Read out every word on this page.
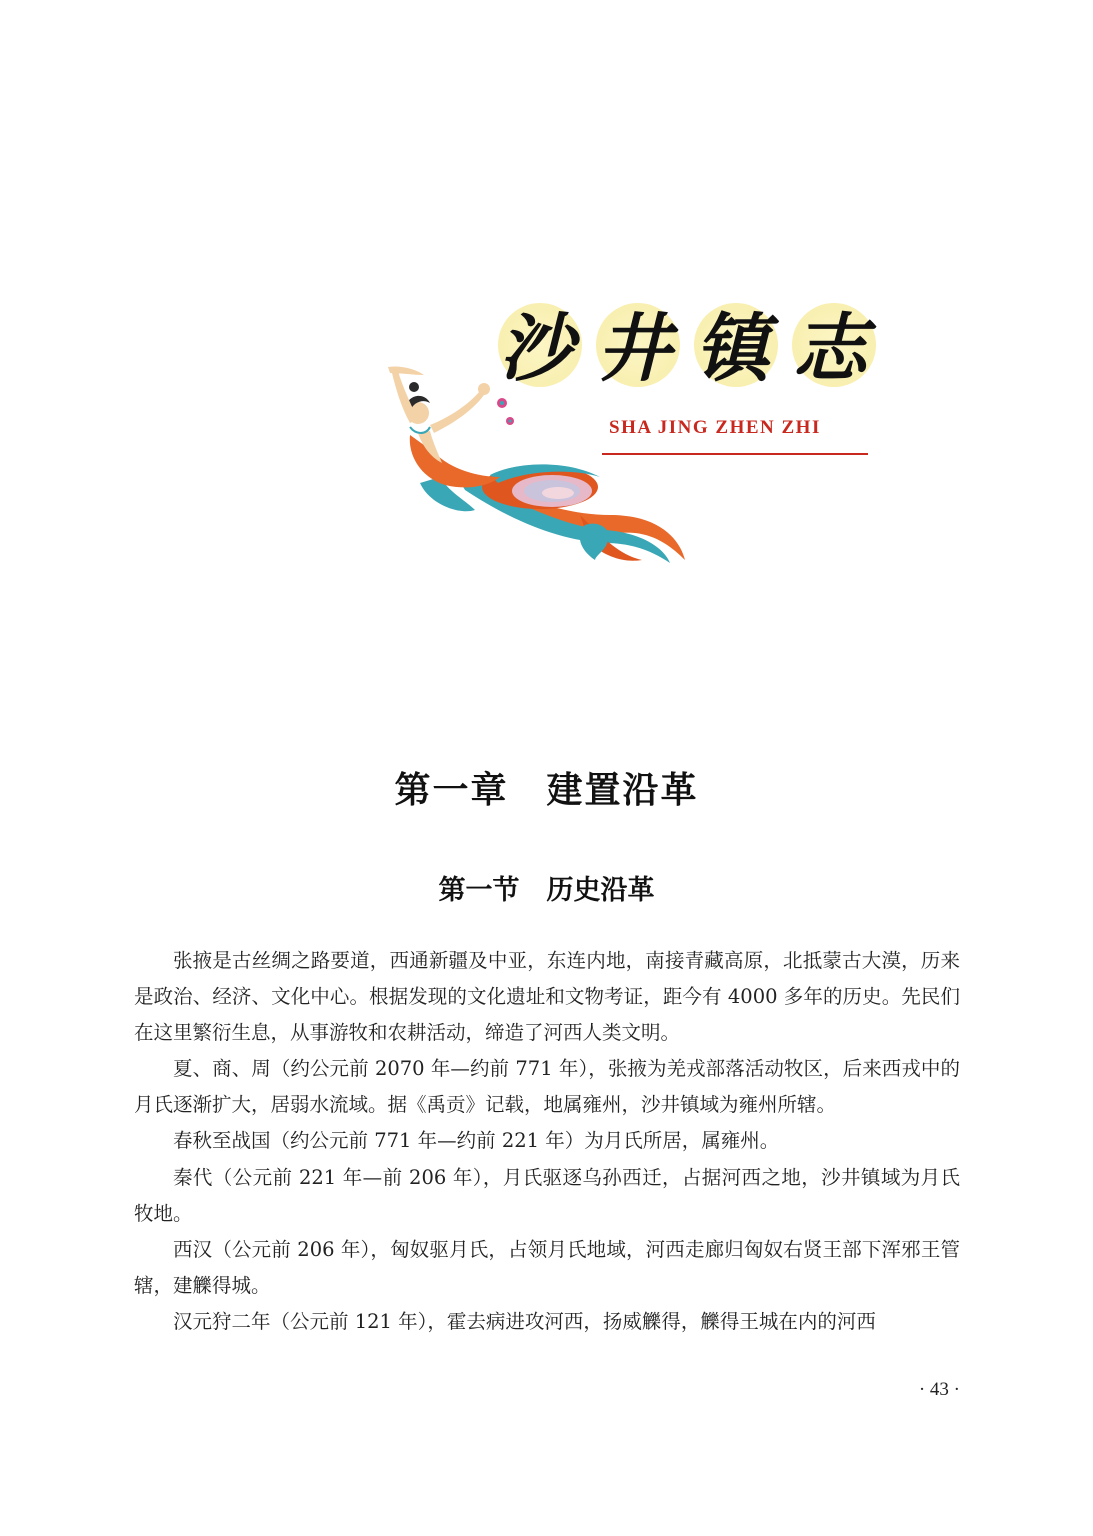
沙 井 镇 志
SHA JING ZHEN ZHI
第一章　建置沿革
第一节　历史沿革

张掖是古丝绸之路要道，西通新疆及中亚，东连内地，南接青藏高原，北抵蒙古大漠，历来是政治、经济、文化中心。根据发现的文化遗址和文物考证，距今有 4000 多年的历史。先民们在这里繁衍生息，从事游牧和农耕活动，缔造了河西人类文明。

夏、商、周（约公元前 2070 年—约前 771 年），张掖为羌戎部落活动牧区，后来西戎中的月氏逐渐扩大，居弱水流域。据《禹贡》记载，地属雍州，沙井镇域为雍州所辖。

春秋至战国（约公元前 771 年—约前 221 年）为月氏所居，属雍州。

秦代（公元前 221 年—前 206 年），月氏驱逐乌孙西迁，占据河西之地，沙井镇域为月氏牧地。

西汉（公元前 206 年），匈奴驱月氏，占领月氏地域，河西走廊归匈奴右贤王部下浑邪王管辖，建觻得城。

汉元狩二年（公元前 121 年），霍去病进攻河西，扬威觻得，觻得王城在内的河西

· 43 ·
